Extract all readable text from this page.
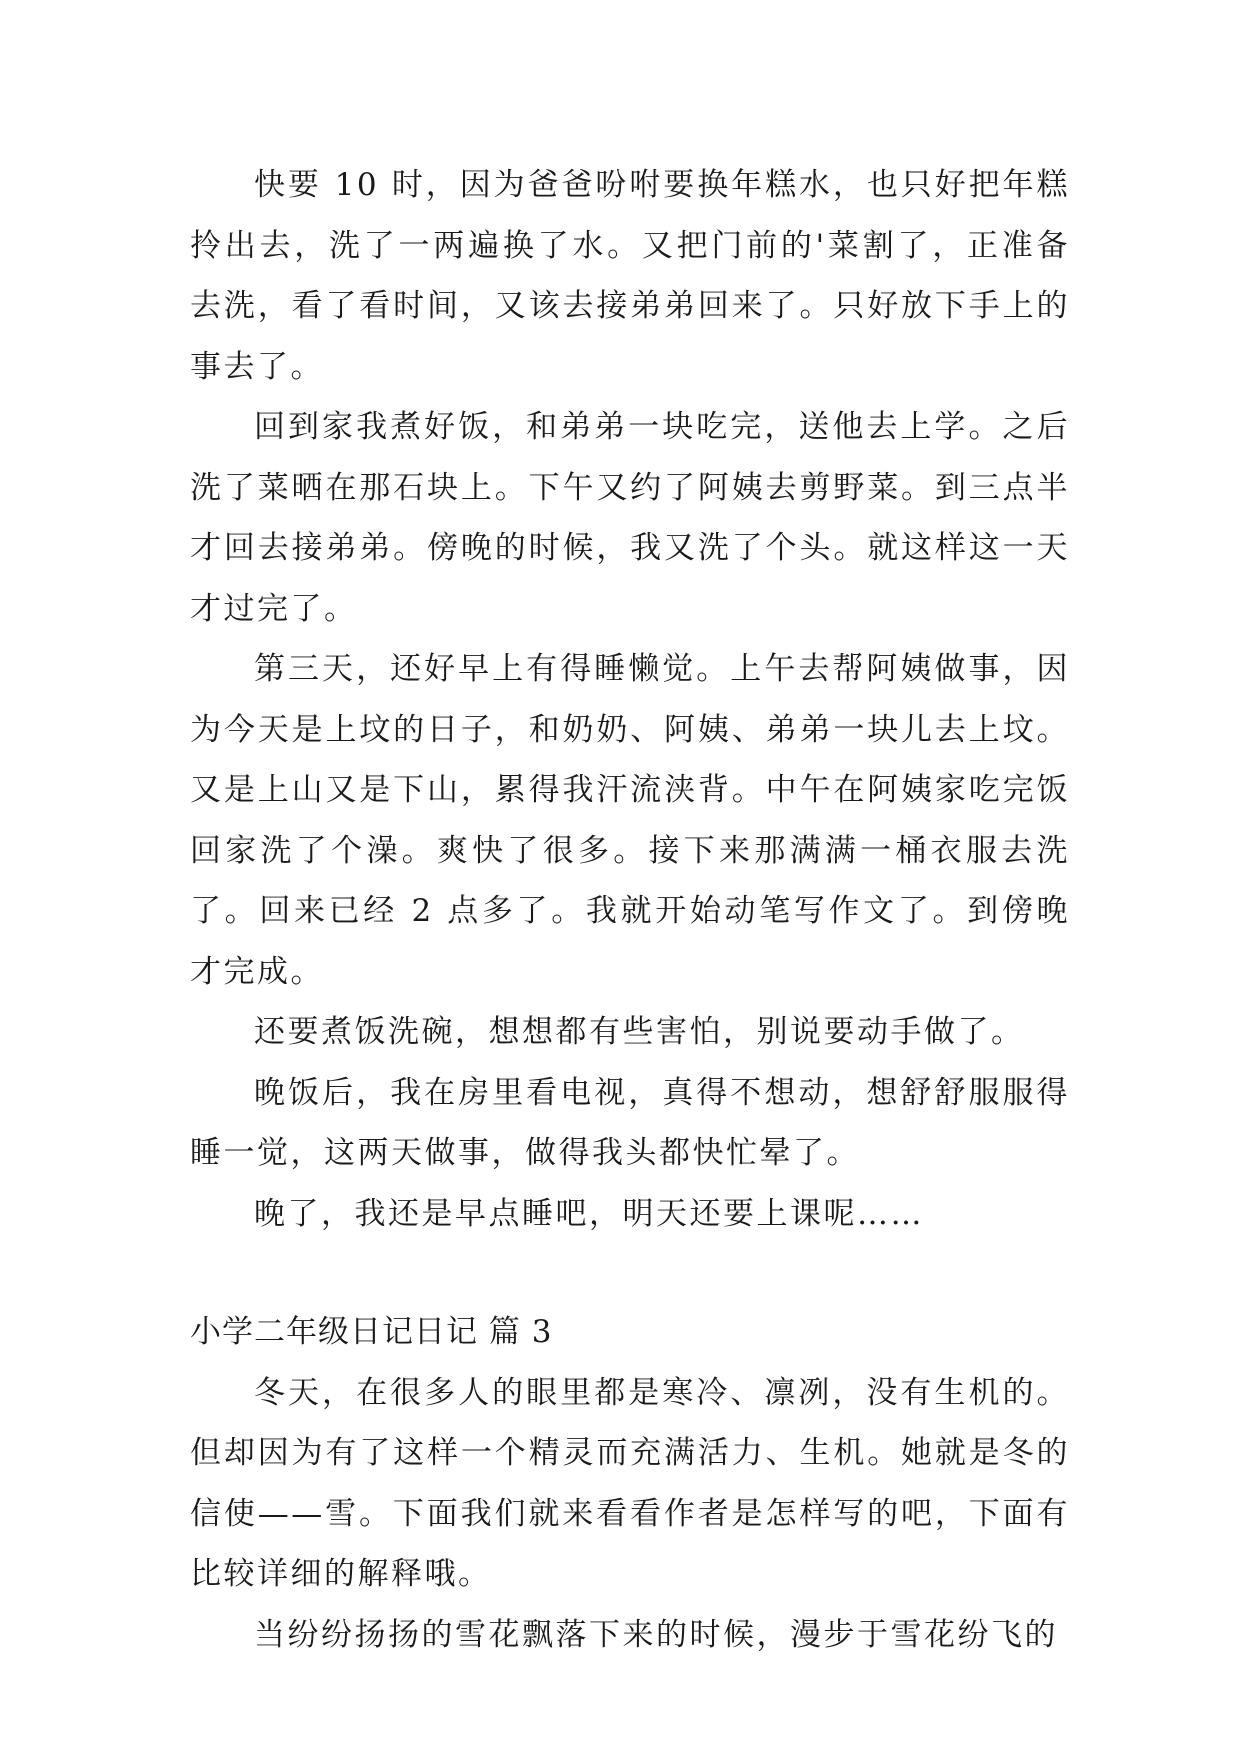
快要 10 时，因为爸爸吩咐要换年糕水，也只好把年糕拎出去，洗了一两遍换了水。又把门前的'菜割了，正准备去洗，看了看时间，又该去接弟弟回来了。只好放下手上的事去了。

回到家我煮好饭，和弟弟一块吃完，送他去上学。之后洗了菜晒在那石块上。下午又约了阿姨去剪野菜。到三点半才回去接弟弟。傍晚的时候，我又洗了个头。就这样这一天才过完了。

第三天，还好早上有得睡懒觉。上午去帮阿姨做事，因为今天是上坟的日子，和奶奶、阿姨、弟弟一块儿去上坟。又是上山又是下山，累得我汗流浃背。中午在阿姨家吃完饭回家洗了个澡。爽快了很多。接下来那满满一桶衣服去洗了。回来已经 2 点多了。我就开始动笔写作文了。到傍晚才完成。

还要煮饭洗碗，想想都有些害怕，别说要动手做了。

晚饭后，我在房里看电视，真得不想动，想舒舒服服得睡一觉，这两天做事，做得我头都快忙晕了。

晚了，我还是早点睡吧，明天还要上课呢……

小学二年级日记日记 篇 3

冬天，在很多人的眼里都是寒冷、凛冽，没有生机的。但却因为有了这样一个精灵而充满活力、生机。她就是冬的信使——雪。下面我们就来看看作者是怎样写的吧，下面有比较详细的解释哦。

当纷纷扬扬的雪花飘落下来的时候，漫步于雪花纷飞的
